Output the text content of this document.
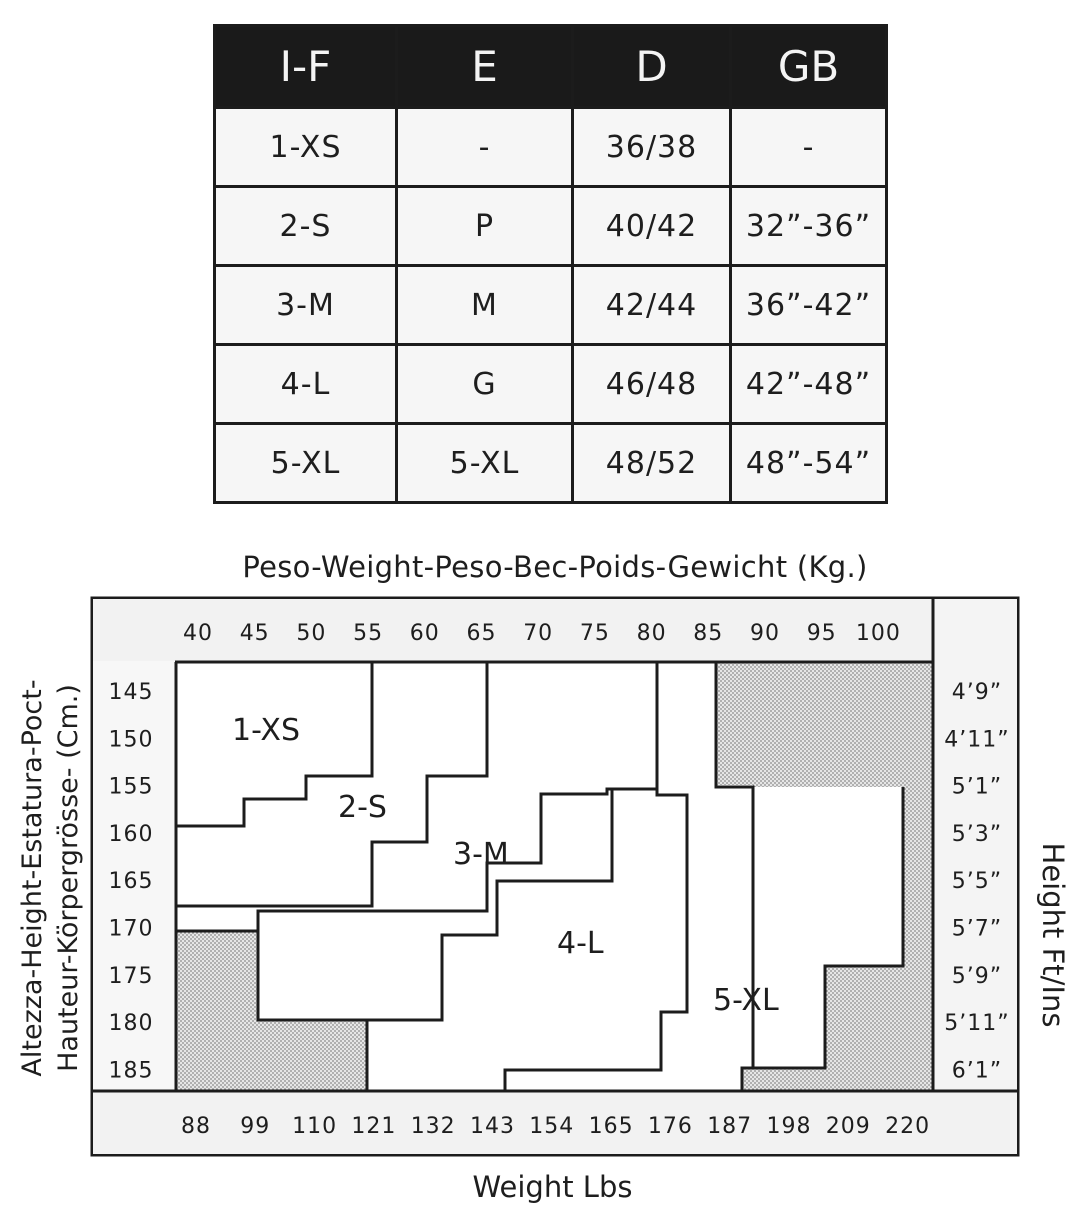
I-F	E	D	GB
1-XS	-	36/38	-
2-S	P	40/42	32”-36”
3-M	M	42/44	36”-42”
4-L	G	46/48	42”-48”
5-XL	5-XL	48/52	48”-54”
Peso-Weight-Peso-Bec-Poids-Gewicht (Kg.)
Altezza-Height-Estatura-Poct- Hauteur-Körpergrösse- (Cm.)	Height Ft/Ins
Weight Lbs
1-XS
2-S
3-M
4-L
5-XL
40 45 50 55 60 65 70 75 80 85 90 95 100
88 99 110 121 132 143 154 165 176 187 198 209 220
145
150
155
160
165
170
175
180
185
4’9”
4’11”
5’1”
5’3”
5’5”
5’7”
5’9”
5’11”
6’1”
